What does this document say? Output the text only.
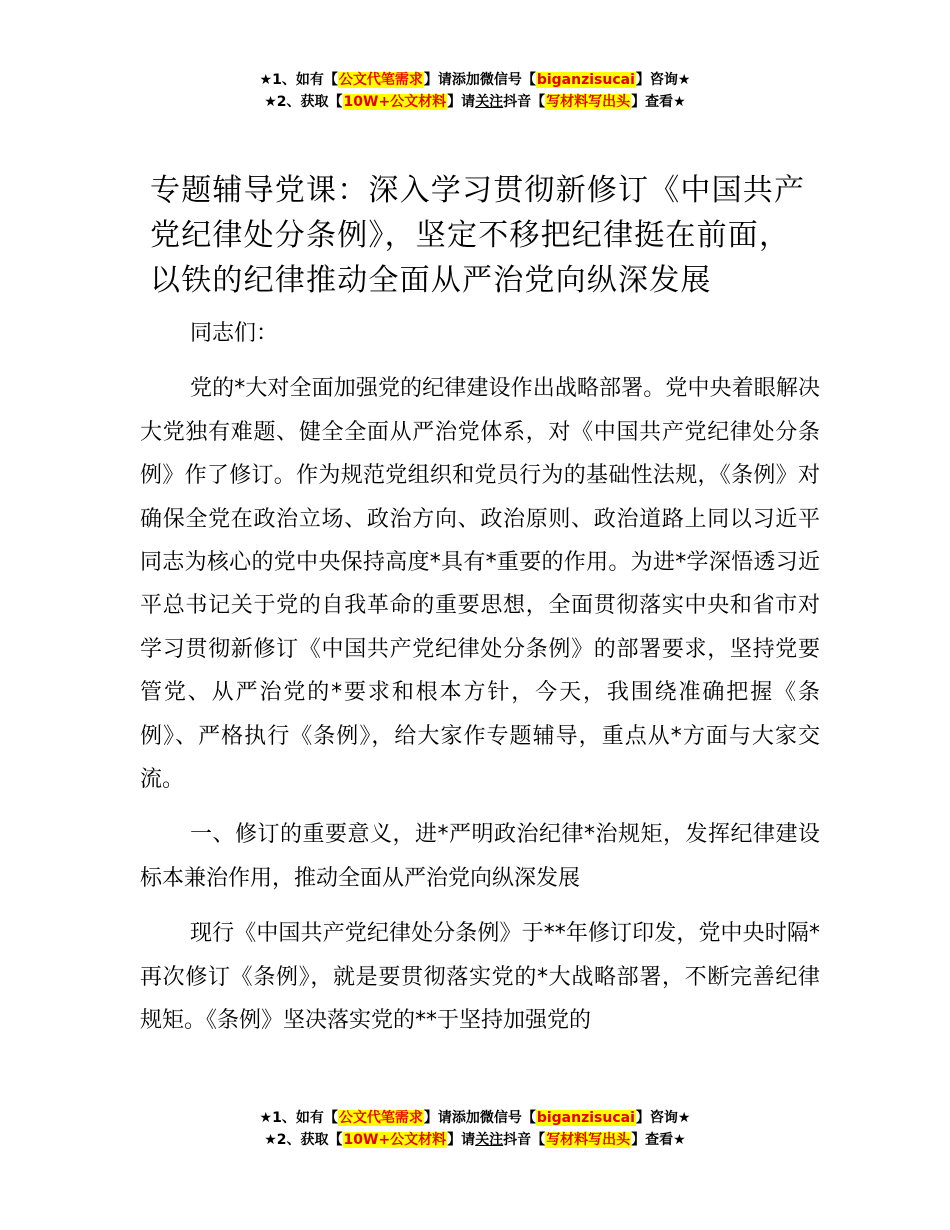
★1、如有【公文代笔需求】请添加微信号【biganzisucai】咨询★
★2、获取【10W+公文材料】请关注抖音【写材料写出头】查看★
专题辅导党课：深入学习贯彻新修订《中国共产党纪律处分条例》，坚定不移把纪律挺在前面，以铁的纪律推动全面从严治党向纵深发展

同志们：

党的*大对全面加强党的纪律建设作出战略部署。党中央着眼解决大党独有难题、健全全面从严治党体系，对《中国共产党纪律处分条例》作了修订。作为规范党组织和党员行为的基础性法规，《条例》对确保全党在政治立场、政治方向、政治原则、政治道路上同以习近平同志为核心的党中央保持高度*具有*重要的作用。为进*学深悟透习近平总书记关于党的自我革命的重要思想，全面贯彻落实中央和省市对学习贯彻新修订《中国共产党纪律处分条例》的部署要求，坚持党要管党、从严治党的*要求和根本方针，今天，我围绕准确把握《条例》、严格执行《条例》，给大家作专题辅导，重点从*方面与大家交流。

一、修订的重要意义，进*严明政治纪律*治规矩，发挥纪律建设标本兼治作用，推动全面从严治党向纵深发展

现行《中国共产党纪律处分条例》于**年修订印发，党中央时隔*再次修订《条例》，就是要贯彻落实党的*大战略部署，不断完善纪律规矩。《条例》坚决落实党的**于坚持加强党的

★1、如有【公文代笔需求】请添加微信号【biganzisucai】咨询★
★2、获取【10W+公文材料】请关注抖音【写材料写出头】查看★
